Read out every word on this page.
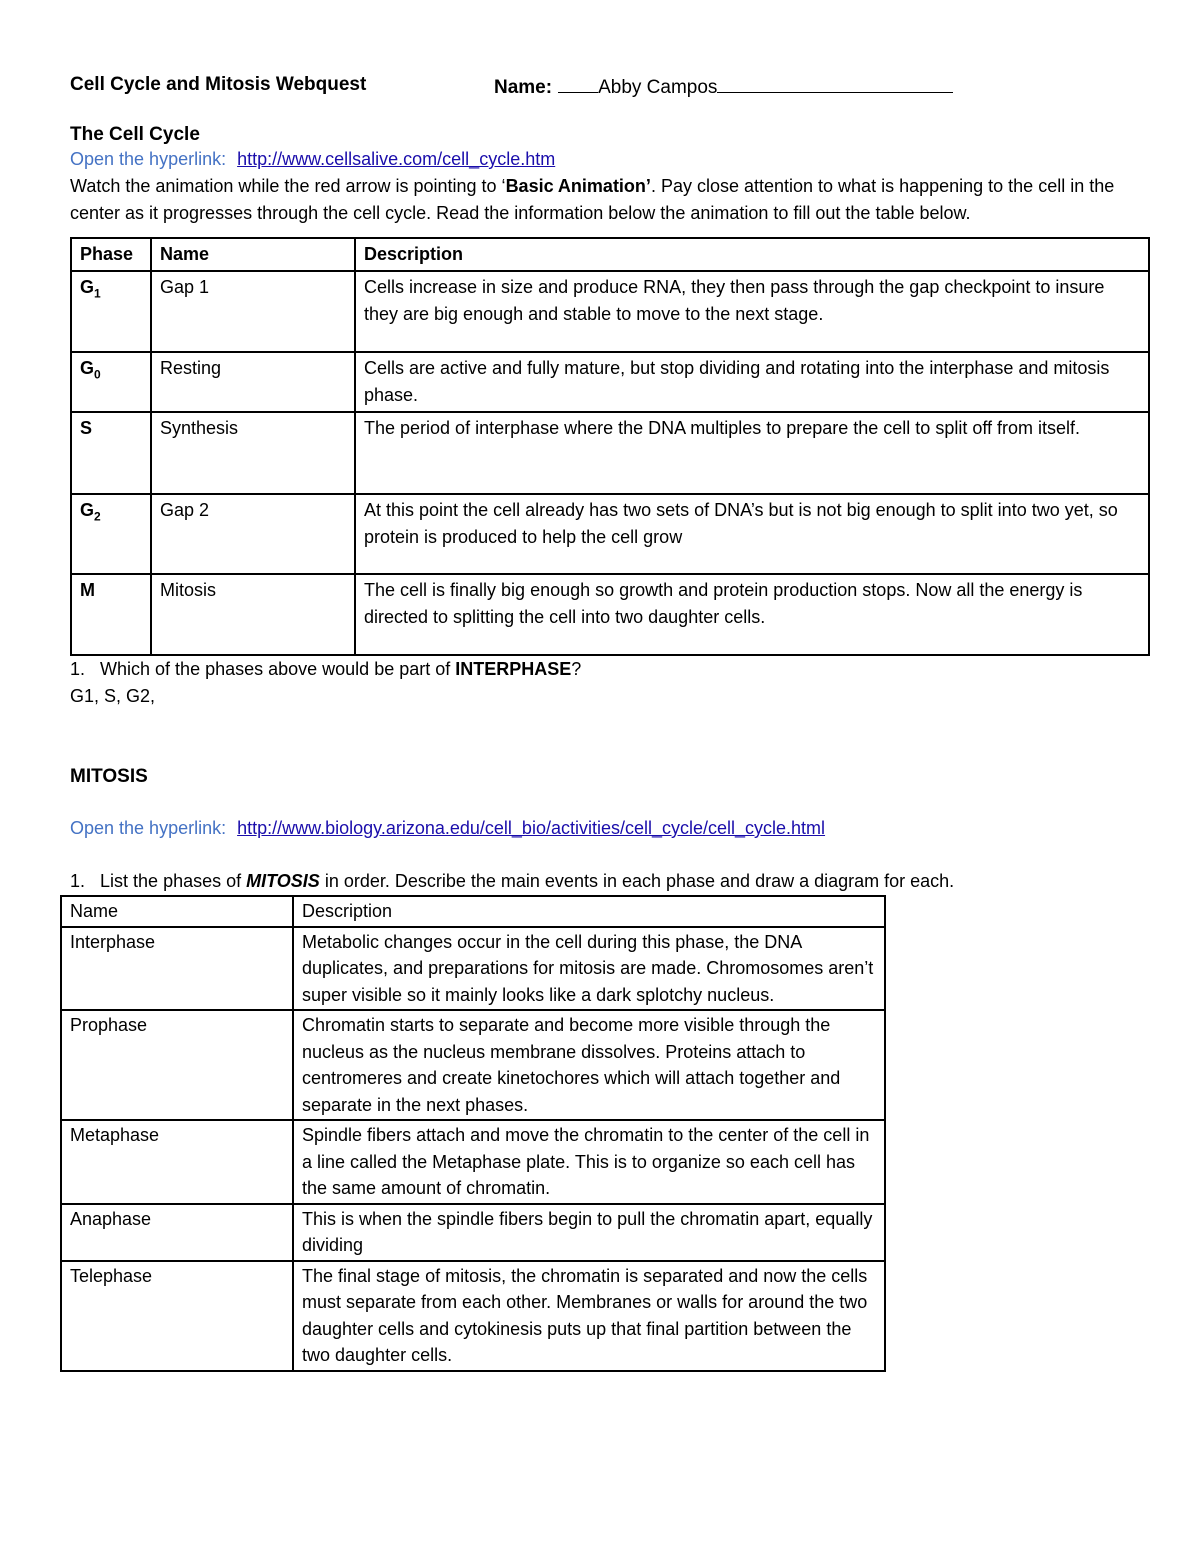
Cell Cycle and Mitosis Webquest	Name: Abby Campos
The Cell Cycle
Open the hyperlink: http://www.cellsalive.com/cell_cycle.htm
Watch the animation while the red arrow is pointing to ‘Basic Animation’. Pay close attention to what is happening to the cell in the center as it progresses through the cell cycle. Read the information below the animation to fill out the table below.
Phase	Name	Description
$G_1$	Gap 1	Cells increase in size and produce RNA, they then pass through the gap checkpoint to insure they are big enough and stable to move to the next stage.
$G_0$	Resting	Cells are active and fully mature, but stop dividing and rotating into the interphase and mitosis phase.
S	Synthesis	The period of interphase where the DNA multiples to prepare the cell to split off from itself.
$G_2$	Gap 2	At this point the cell already has two sets of DNA’s but is not big enough to split into two yet, so protein is produced to help the cell grow
M	Mitosis	The cell is finally big enough so growth and protein production stops. Now all the energy is directed to splitting the cell into two daughter cells.
1. Which of the phases above would be part of INTERPHASE?
G1, S, G2,
MITOSIS
Open the hyperlink: http://www.biology.arizona.edu/cell_bio/activities/cell_cycle/cell_cycle.html
1. List the phases of MITOSIS in order. Describe the main events in each phase and draw a diagram for each.
Name	Description
Interphase	Metabolic changes occur in the cell during this phase, the DNA duplicates, and preparations for mitosis are made. Chromosomes aren’t super visible so it mainly looks like a dark splotchy nucleus.
Prophase	Chromatin starts to separate and become more visible through the nucleus as the nucleus membrane dissolves. Proteins attach to centromeres and create kinetochores which will attach together and separate in the next phases.
Metaphase	Spindle fibers attach and move the chromatin to the center of the cell in a line called the Metaphase plate. This is to organize so each cell has the same amount of chromatin.
Anaphase	This is when the spindle fibers begin to pull the chromatin apart, equally dividing
Telephase	The final stage of mitosis, the chromatin is separated and now the cells must separate from each other. Membranes or walls for around the two daughter cells and cytokinesis puts up that final partition between the two daughter cells.
